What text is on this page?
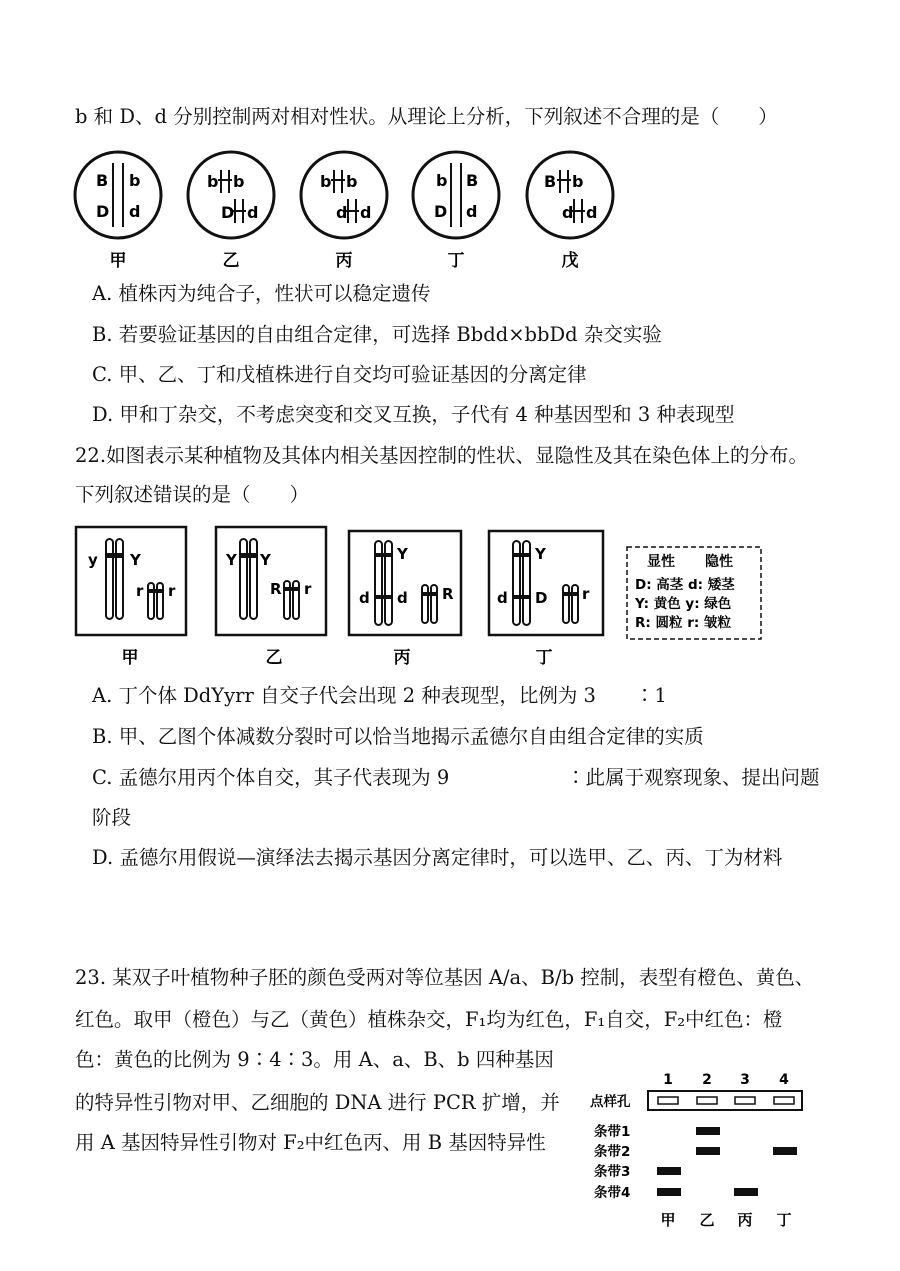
b 和 D、d 分别控制两对相对性状。从理论上分析，下列叙述不合理的是（　　）
B b
D d
b b
D d
b b
d d
b B
D d
B b
d d
甲	乙	丙	丁	戊
A. 植株丙为纯合子，性状可以稳定遗传
B. 若要验证基因的自由组合定律，可选择 Bbdd×bbDd 杂交实验
C. 甲、乙、丁和戊植株进行自交均可验证基因的分离定律
D. 甲和丁杂交，不考虑突变和交叉互换，子代有 4 种基因型和 3 种表现型
22.如图表示某种植物及其体内相关基因控制的性状、显隐性及其在染色体上的分布。
下列叙述错误的是（　　）
y Y
r r
Y Y
R r
Y
d d R
Y
d D r
显性 隐性
D: 高茎 d: 矮茎
Y: 黄色 y: 绿色
R: 圆粒 r: 皱粒
甲	乙	丙	丁
A. 丁个体 DdYyrr 自交子代会出现 2 种表现型，比例为 3　　∶1
B. 甲、乙图个体减数分裂时可以恰当地揭示孟德尔自由组合定律的实质
C. 孟德尔用丙个体自交，其子代表现为 9	∶此属于观察现象、提出问题
阶段
D. 孟德尔用假说—演绎法去揭示基因分离定律时，可以选甲、乙、丙、丁为材料
23. 某双子叶植物种子胚的颜色受两对等位基因 A/a、B/b 控制，表型有橙色、黄色、
红色。取甲（橙色）与乙（黄色）植株杂交，F₁均为红色，F₁自交，F₂中红色：橙
色：黄色的比例为 9∶4∶3。用 A、a、B、b 四种基因
的特异性引物对甲、乙细胞的 DNA 进行 PCR 扩增，并
用 A 基因特异性引物对 F₂中红色丙、用 B 基因特异性
1 2 3 4
点样孔
条带1
条带2
条带3
条带4
甲 乙 丙 丁
